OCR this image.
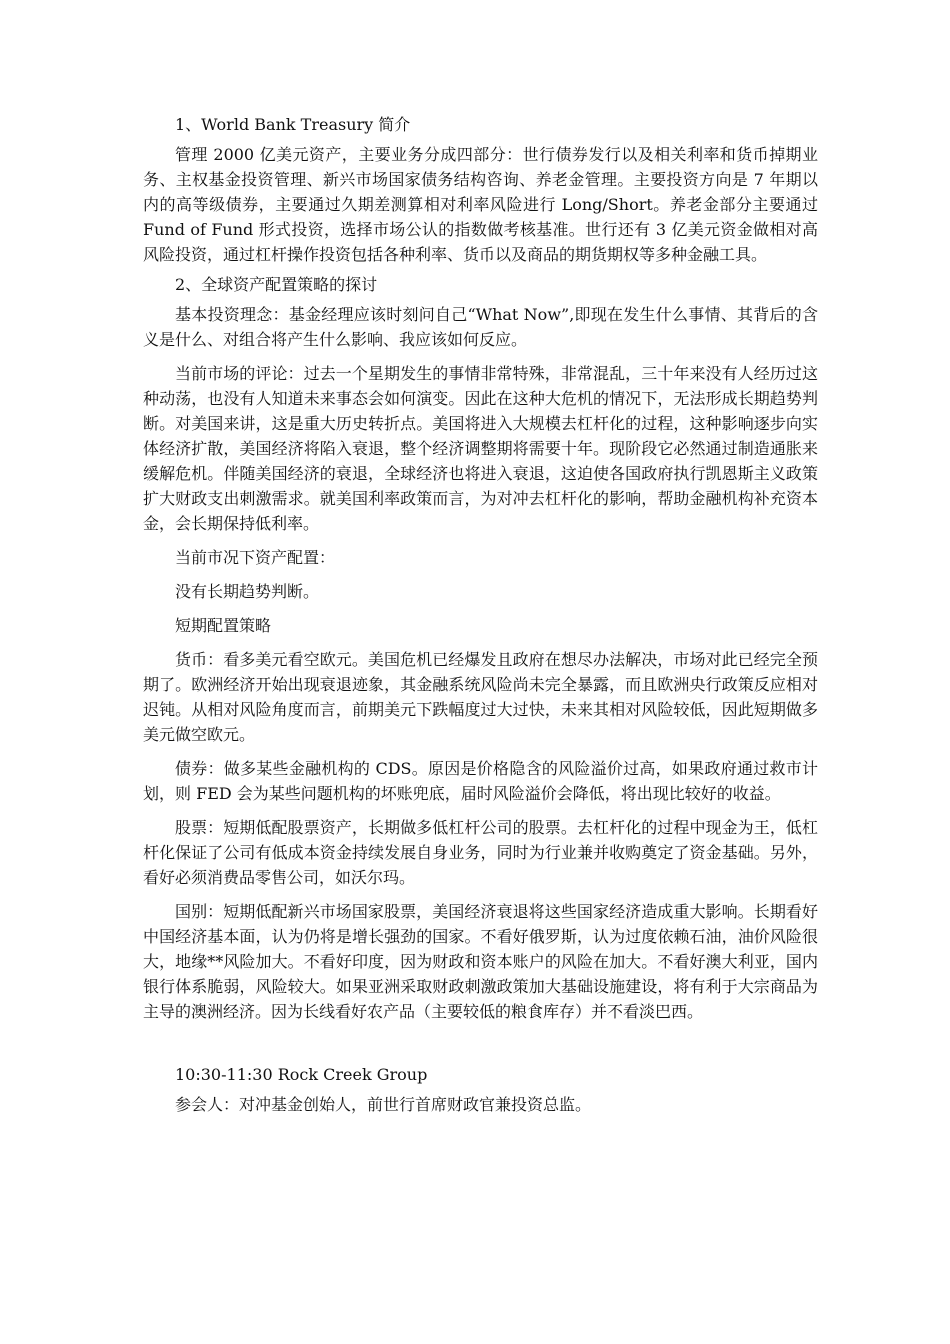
1、World Bank Treasury 简介

管理 2000 亿美元资产，主要业务分成四部分：世行债券发行以及相关利率和货币掉期业务、主权基金投资管理、新兴市场国家债务结构咨询、养老金管理。主要投资方向是 7 年期以内的高等级债券，主要通过久期差测算相对利率风险进行 Long/Short。养老金部分主要通过 Fund of Fund 形式投资，选择市场公认的指数做考核基准。世行还有 3 亿美元资金做相对高风险投资，通过杠杆操作投资包括各种利率、货币以及商品的期货期权等多种金融工具。

2、全球资产配置策略的探讨

基本投资理念：基金经理应该时刻问自己“What Now”,即现在发生什么事情、其背后的含义是什么、对组合将产生什么影响、我应该如何反应。

当前市场的评论：过去一个星期发生的事情非常特殊，非常混乱，三十年来没有人经历过这种动荡，也没有人知道未来事态会如何演变。因此在这种大危机的情况下，无法形成长期趋势判断。对美国来讲，这是重大历史转折点。美国将进入大规模去杠杆化的过程，这种影响逐步向实体经济扩散，美国经济将陷入衰退，整个经济调整期将需要十年。现阶段它必然通过制造通胀来缓解危机。伴随美国经济的衰退，全球经济也将进入衰退，这迫使各国政府执行凯恩斯主义政策扩大财政支出刺激需求。就美国利率政策而言，为对冲去杠杆化的影响，帮助金融机构补充资本金，会长期保持低利率。

当前市况下资产配置：

没有长期趋势判断。

短期配置策略

货币：看多美元看空欧元。美国危机已经爆发且政府在想尽办法解决，市场对此已经完全预期了。欧洲经济开始出现衰退迹象，其金融系统风险尚未完全暴露，而且欧洲央行政策反应相对迟钝。从相对风险角度而言，前期美元下跌幅度过大过快，未来其相对风险较低，因此短期做多美元做空欧元。

债券：做多某些金融机构的 CDS。原因是价格隐含的风险溢价过高，如果政府通过救市计划，则 FED 会为某些问题机构的坏账兜底，届时风险溢价会降低，将出现比较好的收益。

股票：短期低配股票资产，长期做多低杠杆公司的股票。去杠杆化的过程中现金为王，低杠杆化保证了公司有低成本资金持续发展自身业务，同时为行业兼并收购奠定了资金基础。另外，看好必须消费品零售公司，如沃尔玛。

国别：短期低配新兴市场国家股票，美国经济衰退将这些国家经济造成重大影响。长期看好中国经济基本面，认为仍将是增长强劲的国家。不看好俄罗斯，认为过度依赖石油，油价风险很大，地缘**风险加大。不看好印度，因为财政和资本账户的风险在加大。不看好澳大利亚，国内银行体系脆弱，风险较大。如果亚洲采取财政刺激政策加大基础设施建设，将有利于大宗商品为主导的澳洲经济。因为长线看好农产品（主要较低的粮食库存）并不看淡巴西。

10:30-11:30 Rock Creek Group

参会人：对冲基金创始人，前世行首席财政官兼投资总监。
